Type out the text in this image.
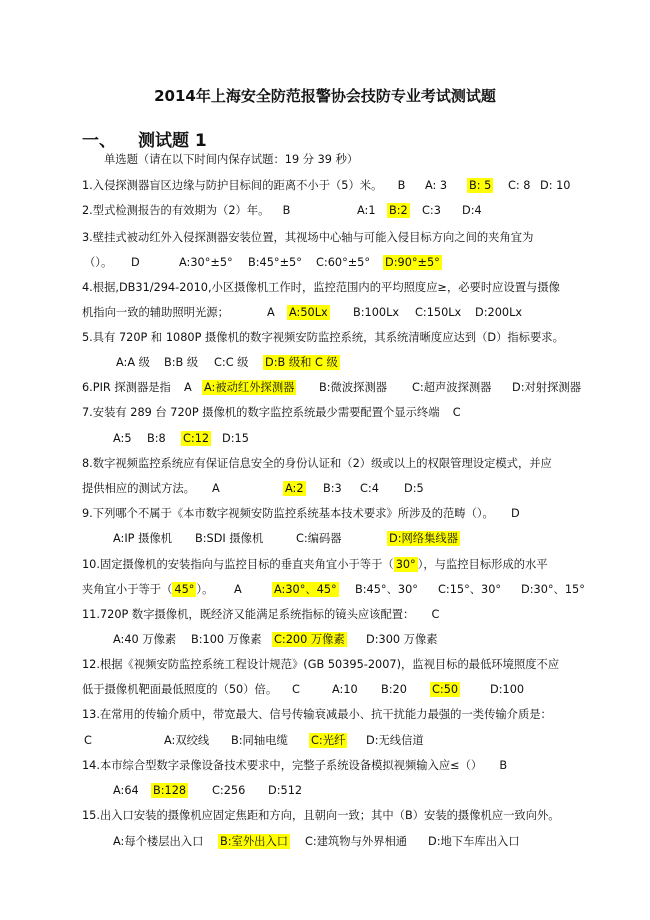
2014年上海安全防范报警协会技防专业考试测试题
一、 测试题 1
单选题（请在以下时间内保存试题：19 分 39 秒）
1.入侵探测器盲区边缘与防护目标间的距离不小于（5）米。 B A: 3 B: 5 C: 8 D: 10
2.型式检测报告的有效期为（2）年。 B	A:1 B:2 C:3 D:4
3.壁挂式被动红外入侵探测器安装位置，其视场中心轴与可能入侵目标方向之间的夹角宜为
（）。 D	A:30°±5° B:45°±5° C:60°±5° D:90°±5°
4.根据,DB31/294-2010,小区摄像机工作时，监控范围内的平均照度应≥，必要时应设置与摄像
机指向一致的辅助照明光源；	A A:50Lx B:100Lx C:150Lx D:200Lx
5.具有 720P 和 1080P 摄像机的数字视频安防监控系统，其系统清晰度应达到（D）指标要求。
A:A 级 B:B 级 C:C 级 D:B 级和 C 级
6.PIR 探测器是指 A A:被动红外探测器 B:微波探测器 C:超声波探测器 D:对射探测器
7.安装有 289 台 720P 摄像机的数字监控系统最少需要配置个显示终端 C
A:5 B:8 C:12 D:15
8.数字视频监控系统应有保证信息安全的身份认证和（2）级或以上的权限管理设定模式，并应
提供相应的测试方法。 A	A:2 B:3 C:4 D:5
9.下列哪个不属于《本市数字视频安防监控系统基本技术要求》所涉及的范畴（）。 D
A:IP 摄像机 B:SDI 摄像机	C:编码器	D:网络集线器
10.固定摄像机的安装指向与监控目标的垂直夹角宜小于等于（ 30° ），与监控目标形成的水平
夹角宜小于等于（ 45° ）。 A	A:30°、45° B:45°、30° C:15°、30° D:30°、15°
11.720P 数字摄像机，既经济又能满足系统指标的镜头应该配置： C
A:40 万像素 B:100 万像素 C:200 万像素 D:300 万像素
12.根据《视频安防监控系统工程设计规范》(GB 50395-2007)，监视目标的最低环境照度不应
低于摄像机靶面最低照度的（50）倍。 C	A:10 B:20 C:50	D:100
13.在常用的传输介质中，带宽最大、信号传输衰减最小、抗干扰能力最强的一类传输介质是：
C	A:双绞线 B:同轴电缆 C:光纤 D:无线信道
14.本市综合型数字录像设备技术要求中，完整子系统设备模拟视频输入应≤（） B
A:64 B:128 C:256 D:512
15.出入口安装的摄像机应固定焦距和方向，且朝向一致；其中（B）安装的摄像机应一致向外。
A:每个楼层出入口 B:室外出入口 C:建筑物与外界相通 D:地下车库出入口
